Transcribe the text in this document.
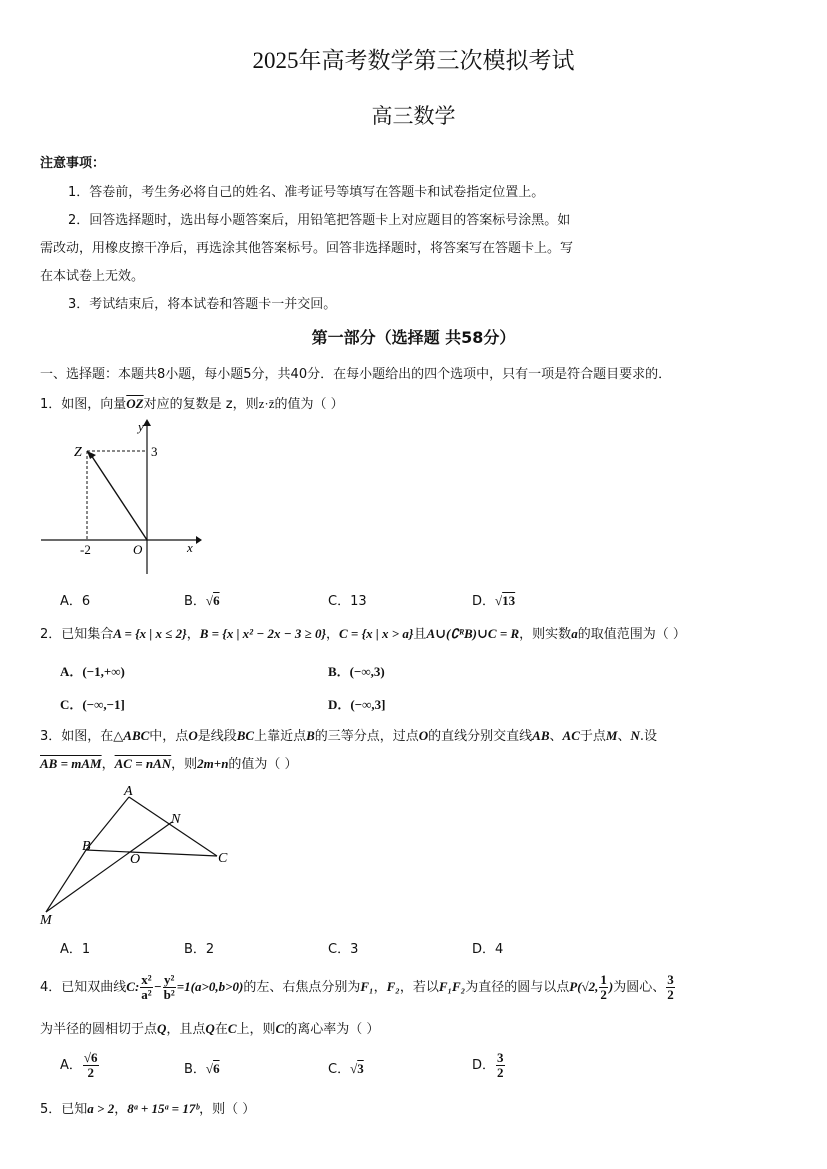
2025年高考数学第三次模拟考试
高三数学
注意事项：
1．答卷前，考生务必将自己的姓名、准考证号等填写在答题卡和试卷指定位置上。
2．回答选择题时，选出每小题答案后，用铅笔把答题卡上对应题目的答案标号涂黑。如
需改动，用橡皮擦干净后，再选涂其他答案标号。回答非选择题时，将答案写在答题卡上。写
在本试卷上无效。
3．考试结束后，将本试卷和答题卡一并交回。
第一部分（选择题 共58分）
一、选择题：本题共8小题，每小题5分，共40分．在每小题给出的四个选项中，只有一项是符合题目要求的．
1．如图，向量$\overline{OZ}$对应的复数是 z，则z·z̄的值为（ ）
y
Z	3
-2	O	x
A．6	B．√6	C．13	D．√13
2．已知集合A = {x | x ≤ 2}，B = {x | x² − 2x − 3 ≥ 0}，C = {x | x > a}且A∪(∁ᴿB)∪C = R，则实数a的取值范围为（ ）
A．(−1,+∞)	B．(−∞,3)
C．(−∞,−1]	D．(−∞,3]
3．如图，在△ABC中，点O是线段BC上靠近点B的三等分点，过点O的直线分别交直线AB、AC于点M、N.设
AB = mAM，AC = nAN，则2m+n的值为（ ）
A
B
C
N
O
M
A．1	B．2	C．3	D．4
4．已知双曲线C: $\frac{\text{x²}}{\text{a²}} - \frac{\text{y²}}{\text{b²}} =1(a>0,b>0)$的左、右焦点分别为F₁，F₂，若以F₁F₂为直径的圆与以点P(√2, $\frac{1}{2}$ )为圆心、 $\frac{3}{2}$
为半径的圆相切于点Q，且点Q在C上，则C的离心率为（ ）
A． $\frac{√6}{2}$	B．√6	C．√3	D． $\frac{3}{2}$
5．已知a > 2，8ᵃ + 15ᵃ = 17ᵇ，则（ ）
